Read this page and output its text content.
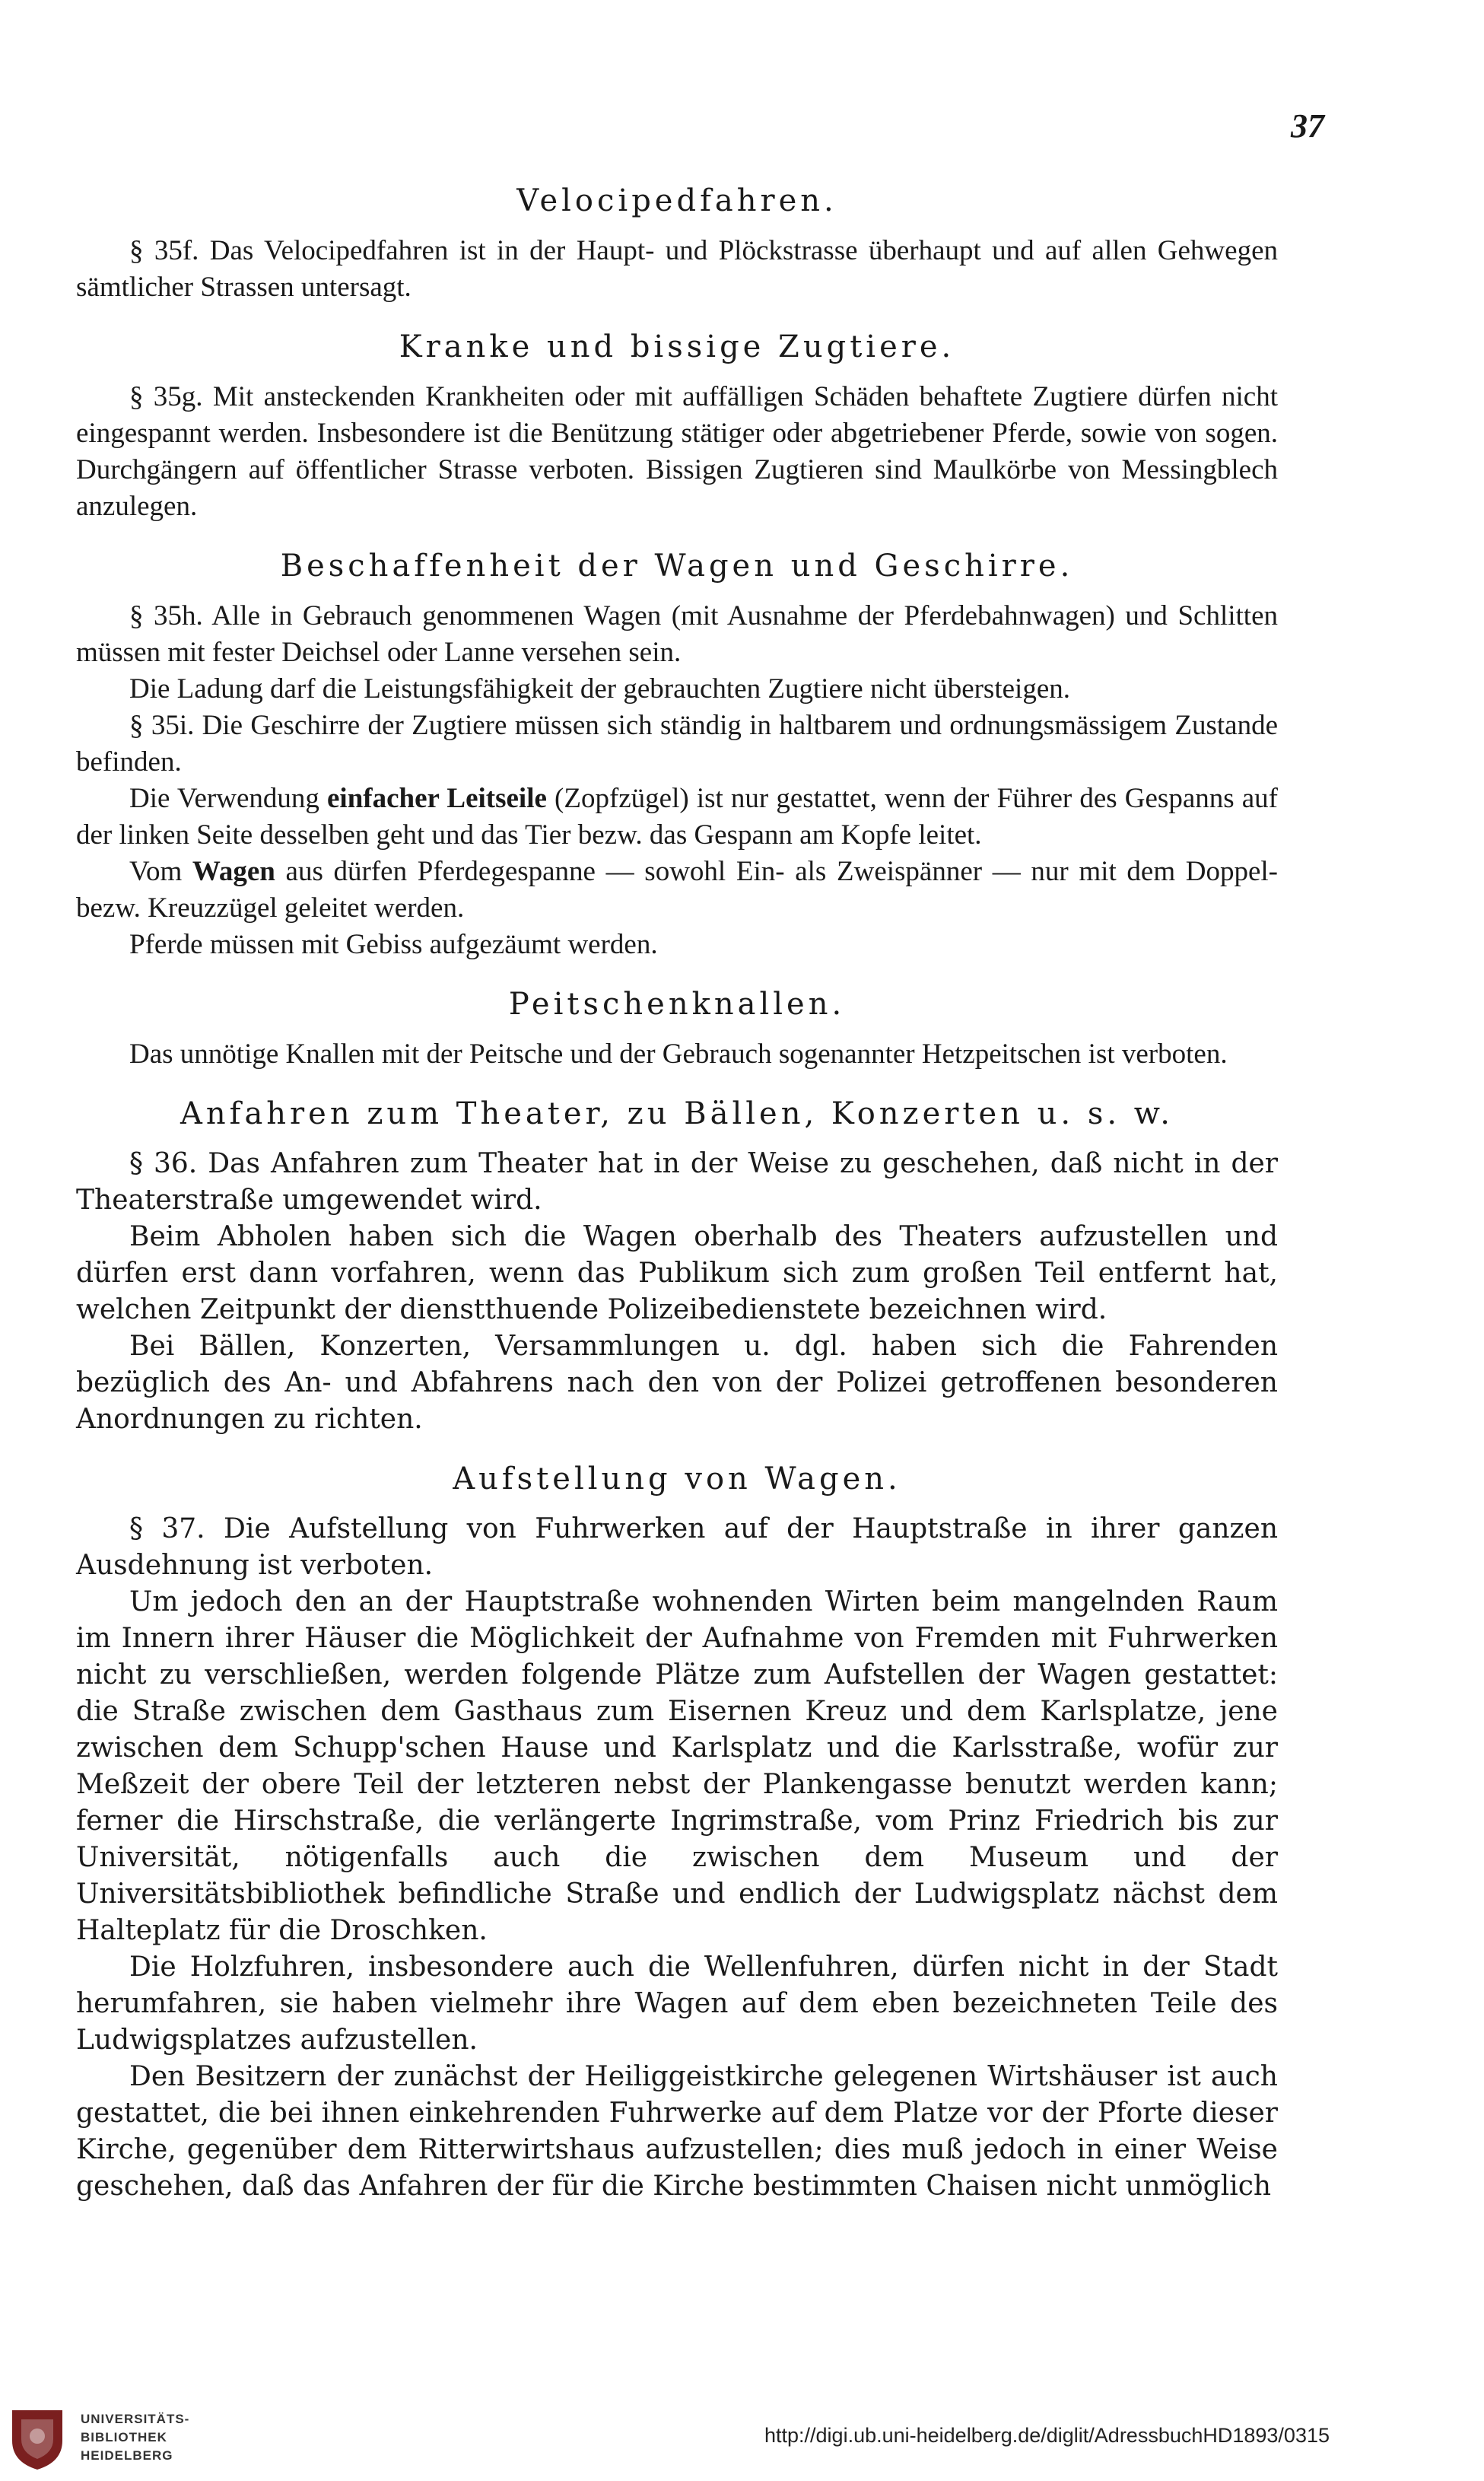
37
Velocipedfahren.

§ 35f. Das Velocipedfahren ist in der Haupt- und Plöckstrasse überhaupt und auf allen Gehwegen sämtlicher Strassen untersagt.

Kranke und bissige Zugtiere.

§ 35g. Mit ansteckenden Krankheiten oder mit auffälligen Schäden behaftete Zugtiere dürfen nicht eingespannt werden. Insbesondere ist die Benützung stätiger oder abgetriebener Pferde, sowie von sogen. Durchgängern auf öffentlicher Strasse verboten. Bissigen Zugtieren sind Maulkörbe von Messingblech anzulegen.

Beschaffenheit der Wagen und Geschirre.

§ 35h. Alle in Gebrauch genommenen Wagen (mit Ausnahme der Pferdebahnwagen) und Schlitten müssen mit fester Deichsel oder Lanne versehen sein.

Die Ladung darf die Leistungsfähigkeit der gebrauchten Zugtiere nicht übersteigen.

§ 35i. Die Geschirre der Zugtiere müssen sich ständig in haltbarem und ordnungsmässigem Zustande befinden.

Die Verwendung einfacher Leitseile (Zopfzügel) ist nur gestattet, wenn der Führer des Gespanns auf der linken Seite desselben geht und das Tier bezw. das Gespann am Kopfe leitet.

Vom Wagen aus dürfen Pferdegespanne — sowohl Ein- als Zweispänner — nur mit dem Doppel- bezw. Kreuzzügel geleitet werden.

Pferde müssen mit Gebiss aufgezäumt werden.

Peitschenknallen.

Das unnötige Knallen mit der Peitsche und der Gebrauch sogenannter Hetzpeitschen ist verboten.

Anfahren zum Theater, zu Bällen, Konzerten u. s. w.

§ 36. Das Anfahren zum Theater hat in der Weise zu geschehen, daß nicht in der Theaterstraße umgewendet wird.

Beim Abholen haben sich die Wagen oberhalb des Theaters aufzustellen und dürfen erst dann vorfahren, wenn das Publikum sich zum großen Teil entfernt hat, welchen Zeitpunkt der dienstthuende Polizeibedienstete bezeichnen wird.

Bei Bällen, Konzerten, Versammlungen u. dgl. haben sich die Fahrenden bezüglich des An- und Abfahrens nach den von der Polizei getroffenen besonderen Anordnungen zu richten.

Aufstellung von Wagen.

§ 37. Die Aufstellung von Fuhrwerken auf der Hauptstraße in ihrer ganzen Ausdehnung ist verboten.

Um jedoch den an der Hauptstraße wohnenden Wirten beim mangelnden Raum im Innern ihrer Häuser die Möglichkeit der Aufnahme von Fremden mit Fuhrwerken nicht zu verschließen, werden folgende Plätze zum Aufstellen der Wagen gestattet: die Straße zwischen dem Gasthaus zum Eisernen Kreuz und dem Karlsplatze, jene zwischen dem Schupp'schen Hause und Karlsplatz und die Karlsstraße, wofür zur Meßzeit der obere Teil der letzteren nebst der Plankengasse benutzt werden kann; ferner die Hirschstraße, die verlängerte Ingrimstraße, vom Prinz Friedrich bis zur Universität, nötigenfalls auch die zwischen dem Museum und der Universitätsbibliothek befindliche Straße und endlich der Ludwigsplatz nächst dem Halteplatz für die Droschken.

Die Holzfuhren, insbesondere auch die Wellenfuhren, dürfen nicht in der Stadt herumfahren, sie haben vielmehr ihre Wagen auf dem eben bezeichneten Teile des Ludwigsplatzes aufzustellen.

Den Besitzern der zunächst der Heiliggeistkirche gelegenen Wirtshäuser ist auch gestattet, die bei ihnen einkehrenden Fuhrwerke auf dem Platze vor der Pforte dieser Kirche, gegenüber dem Ritterwirtshaus aufzustellen; dies muß jedoch in einer Weise geschehen, daß das Anfahren der für die Kirche bestimmten Chaisen nicht unmöglich

UNIVERSITÄTS-
BIBLIOTHEK
HEIDELBERG
http://digi.ub.uni-heidelberg.de/diglit/AdressbuchHD1893/0315
